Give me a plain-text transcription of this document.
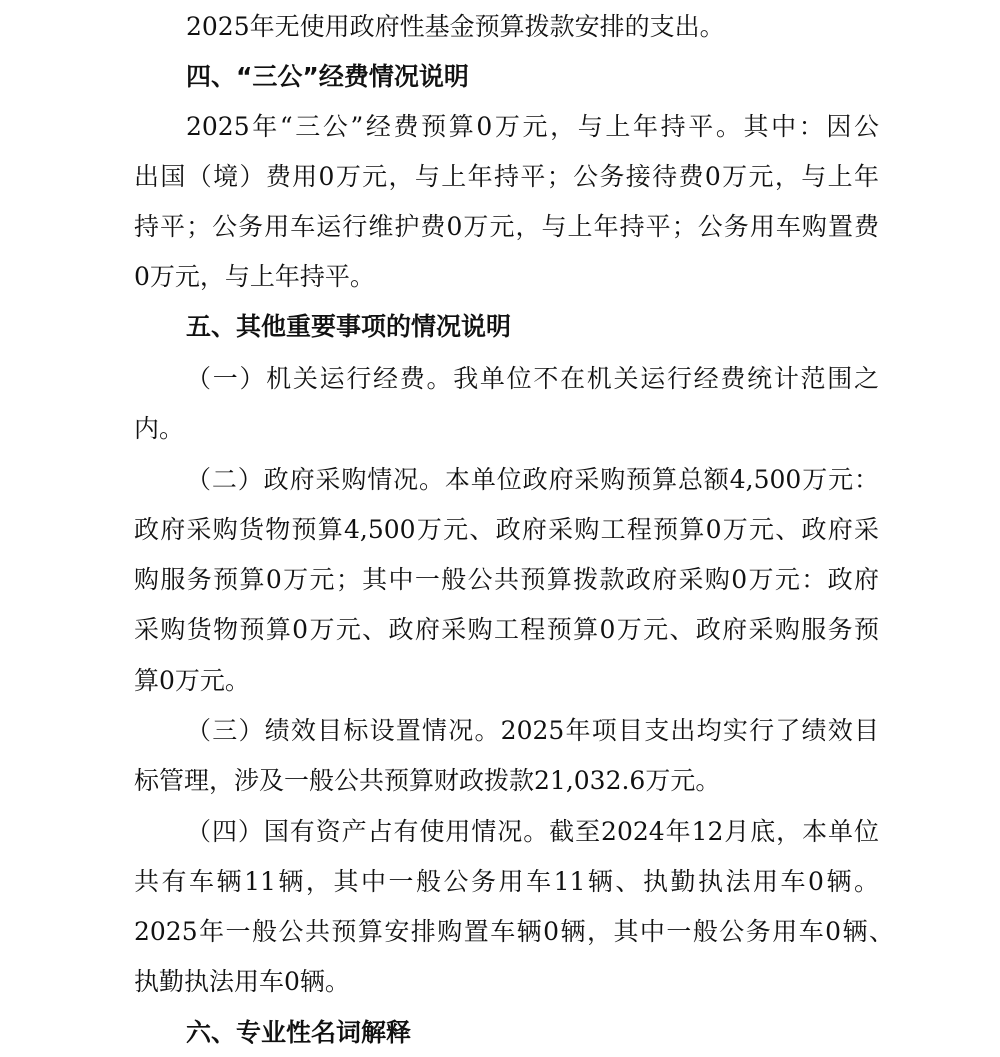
2025年无使用政府性基金预算拨款安排的支出。
四、“三公”经费情况说明
2025年“三公”经费预算0万元，与上年持平。其中：因公
出国（境）费用0万元，与上年持平；公务接待费0万元，与上年
持平；公务用车运行维护费0万元，与上年持平；公务用车购置费
0万元，与上年持平。
五、其他重要事项的情况说明
（一）机关运行经费。我单位不在机关运行经费统计范围之
内。
（二）政府采购情况。本单位政府采购预算总额4,500万元：
政府采购货物预算4,500万元、政府采购工程预算0万元、政府采
购服务预算0万元；其中一般公共预算拨款政府采购0万元：政府
采购货物预算0万元、政府采购工程预算0万元、政府采购服务预
算0万元。
（三）绩效目标设置情况。2025年项目支出均实行了绩效目
标管理，涉及一般公共预算财政拨款21,032.6万元。
（四）国有资产占有使用情况。截至2024年12月底，本单位
共有车辆11辆，其中一般公务用车11辆、执勤执法用车0辆。
2025年一般公共预算安排购置车辆0辆，其中一般公务用车0辆、
执勤执法用车0辆。
六、专业性名词解释
